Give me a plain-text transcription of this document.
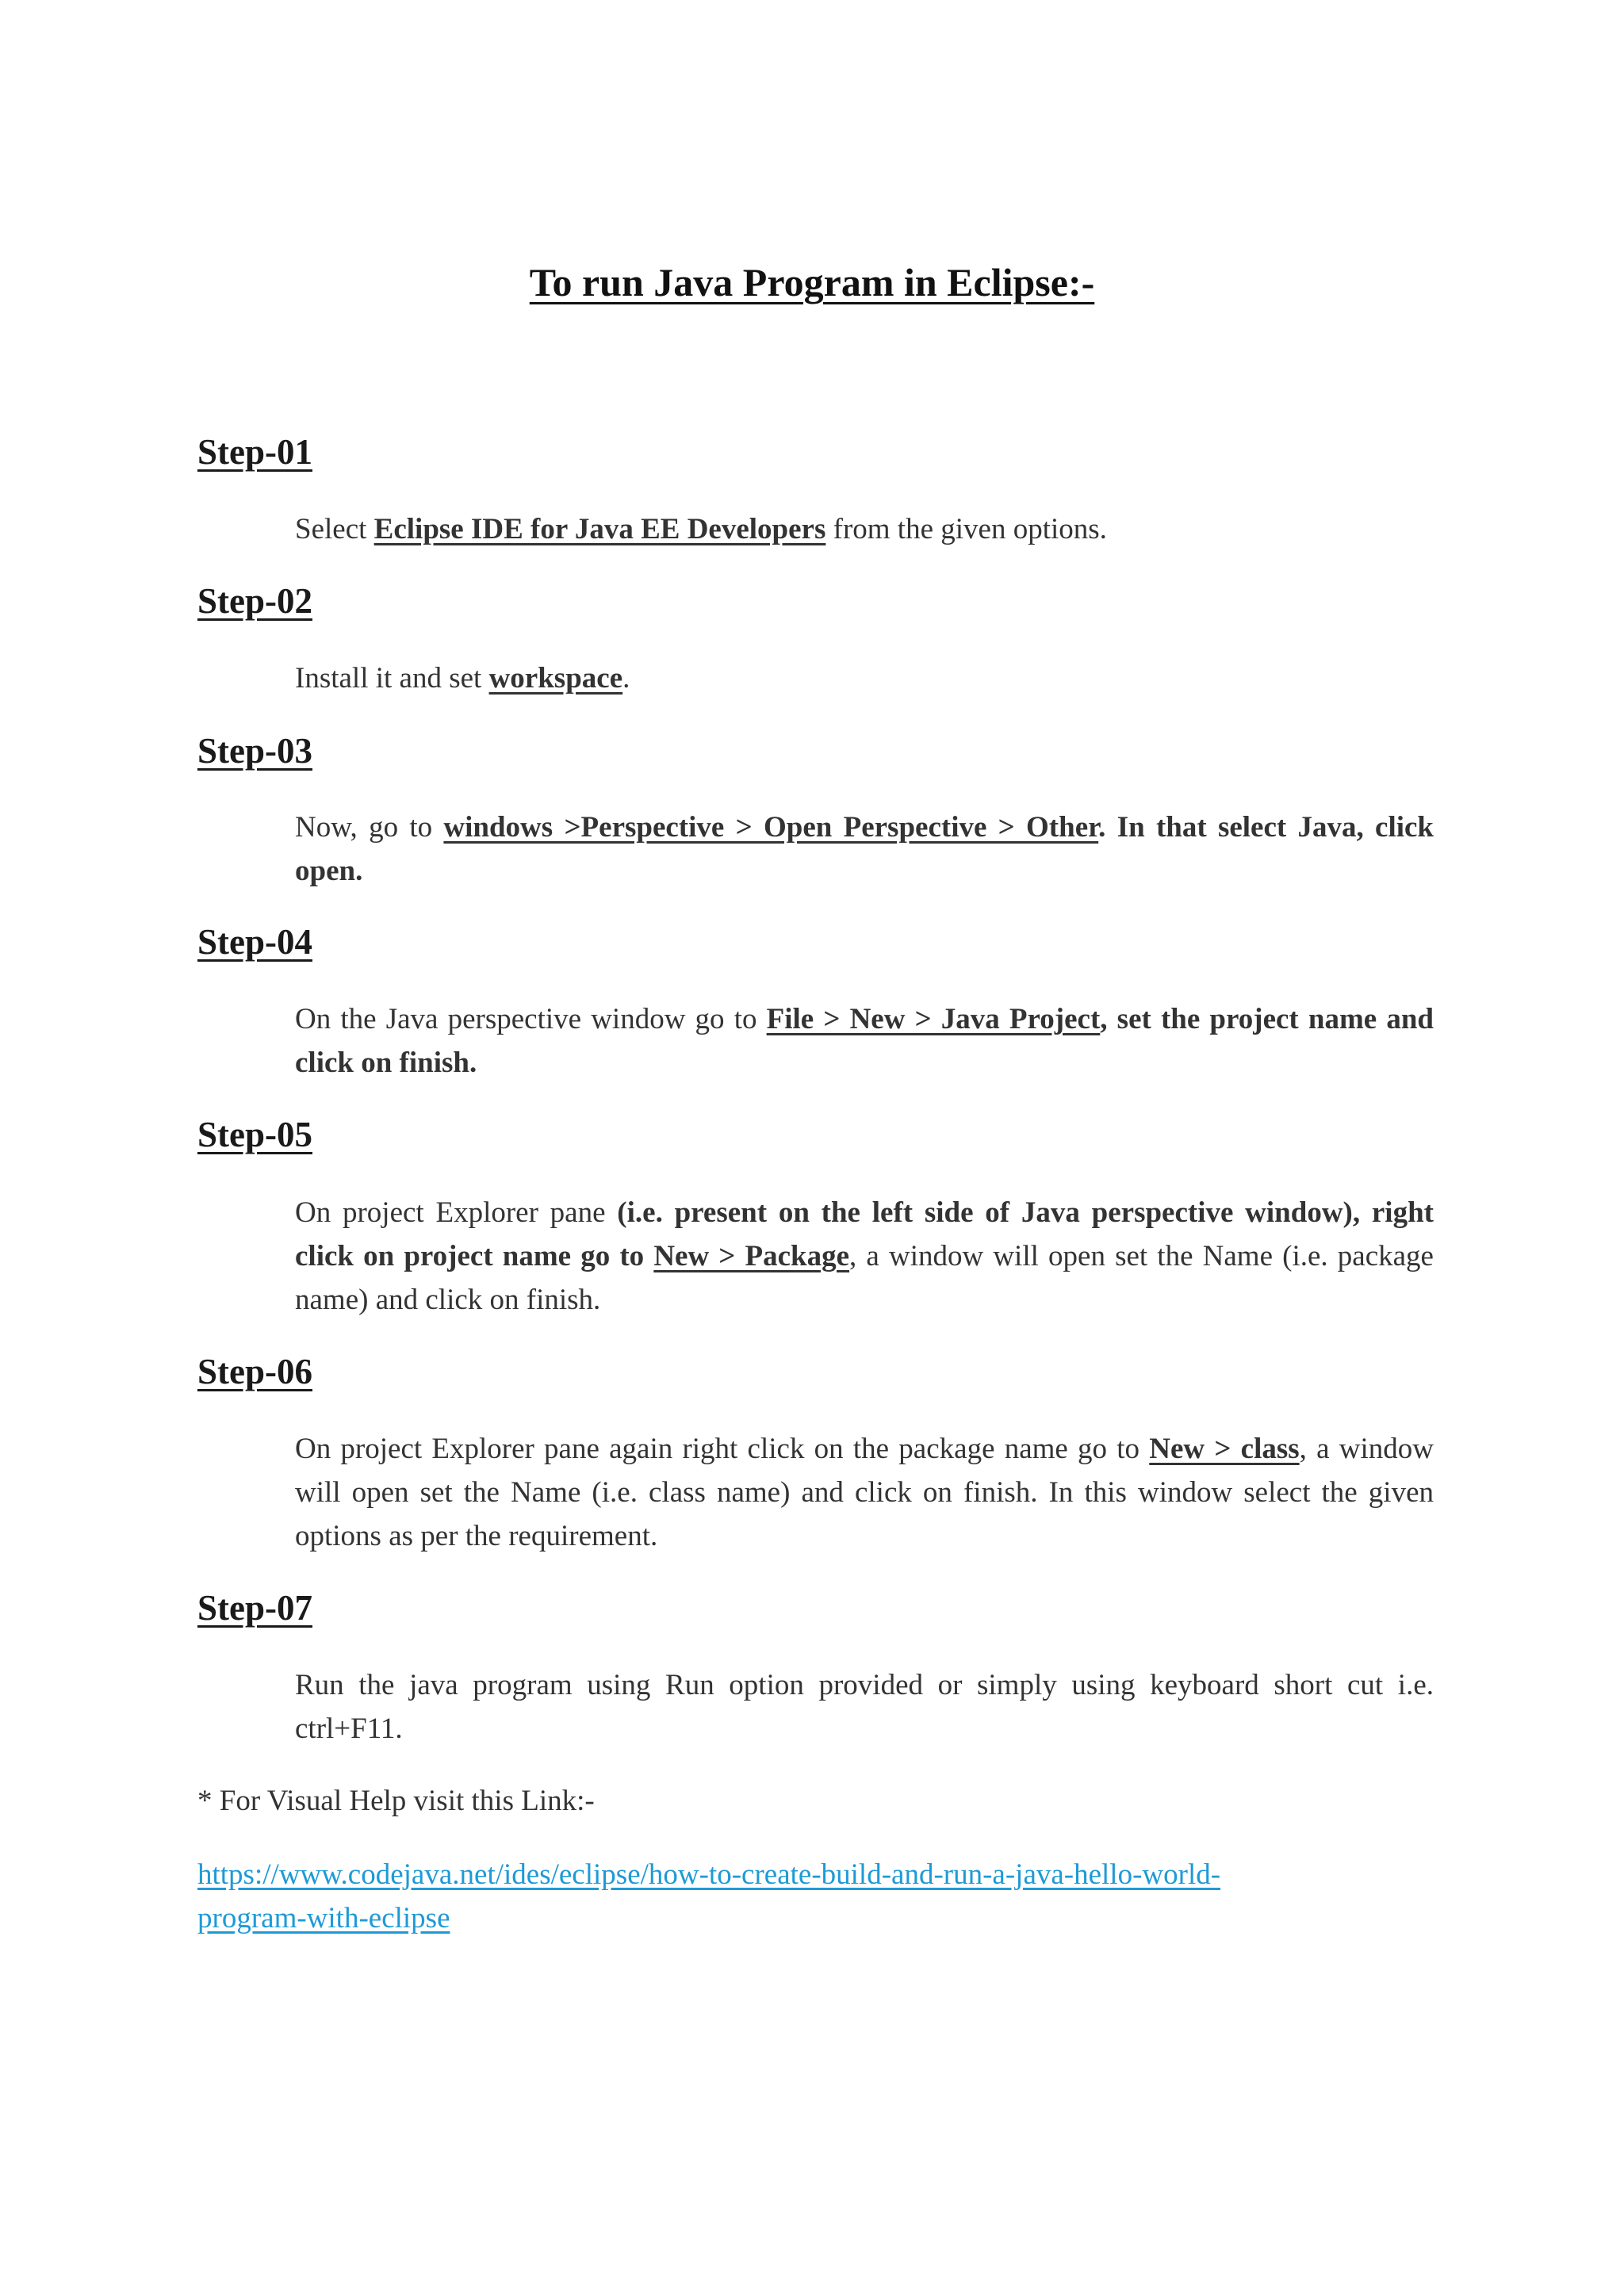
To run Java Program in Eclipse:-
Step-01

Select Eclipse IDE for Java EE Developers from the given options.

Step-02

Install it and set workspace.

Step-03

Now, go to windows >Perspective > Open Perspective > Other. In that select Java, click open.

Step-04

On the Java perspective window go to File > New > Java Project, set the project name and click on finish.

Step-05

On project Explorer pane (i.e. present on the left side of Java perspective window), right click on project name go to New > Package, a window will open set the Name (i.e. package name) and click on finish.

Step-06

On project Explorer pane again right click on the package name go to New > class, a window will open set the Name (i.e. class name) and click on finish. In this window select the given options as per the requirement.

Step-07

Run the java program using Run option provided or simply using keyboard short cut i.e. ctrl+F11.

* For Visual Help visit this Link:-

https://www.codejava.net/ides/eclipse/how-to-create-build-and-run-a-java-hello-world-
program-with-eclipse
